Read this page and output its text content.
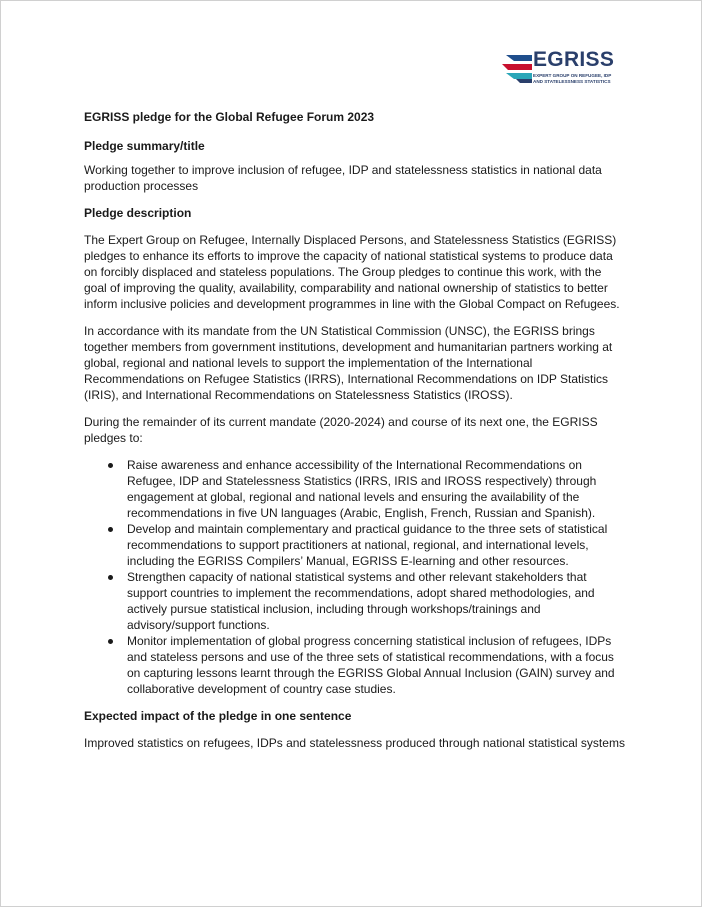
EGRISS
EXPERT GROUP ON REFUGEE, IDP
AND STATELESSNESS STATISTICS

EGRISS pledge for the Global Refugee Forum 2023

Pledge summary/title

Working together to improve inclusion of refugee, IDP and statelessness statistics in national data production processes

Pledge description

The Expert Group on Refugee, Internally Displaced Persons, and Statelessness Statistics (EGRISS) pledges to enhance its efforts to improve the capacity of national statistical systems to produce data on forcibly displaced and stateless populations. The Group pledges to continue this work, with the goal of improving the quality, availability, comparability and national ownership of statistics to better inform inclusive policies and development programmes in line with the Global Compact on Refugees.

In accordance with its mandate from the UN Statistical Commission (UNSC), the EGRISS brings together members from government institutions, development and humanitarian partners working at global, regional and national levels to support the implementation of the International Recommendations on Refugee Statistics (IRRS), International Recommendations on IDP Statistics (IRIS), and International Recommendations on Statelessness Statistics (IROSS).

During the remainder of its current mandate (2020-2024) and course of its next one, the EGRISS pledges to:

Raise awareness and enhance accessibility of the International Recommendations on Refugee, IDP and Statelessness Statistics (IRRS, IRIS and IROSS respectively) through engagement at global, regional and national levels and ensuring the availability of the recommendations in five UN languages (Arabic, English, French, Russian and Spanish).
Develop and maintain complementary and practical guidance to the three sets of statistical recommendations to support practitioners at national, regional, and international levels, including the EGRISS Compilers’ Manual, EGRISS E-learning and other resources.
Strengthen capacity of national statistical systems and other relevant stakeholders that support countries to implement the recommendations, adopt shared methodologies, and actively pursue statistical inclusion, including through workshops/trainings and advisory/support functions.
Monitor implementation of global progress concerning statistical inclusion of refugees, IDPs and stateless persons and use of the three sets of statistical recommendations, with a focus on capturing lessons learnt through the EGRISS Global Annual Inclusion (GAIN) survey and collaborative development of country case studies.

Expected impact of the pledge in one sentence

Improved statistics on refugees, IDPs and statelessness produced through national statistical systems
